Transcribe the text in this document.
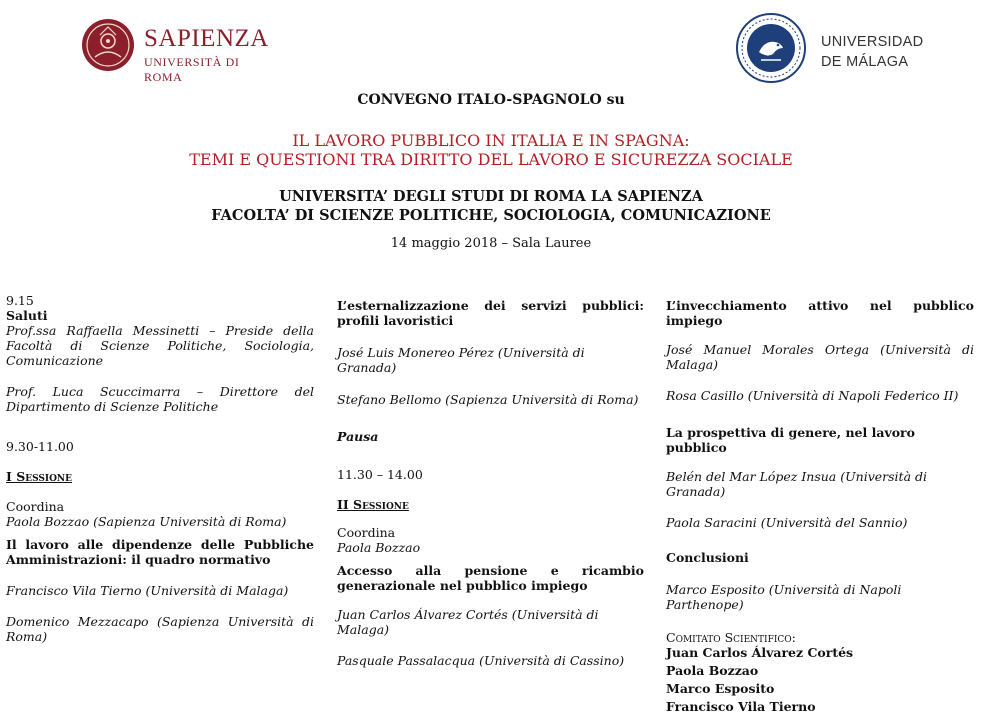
SAPIENZA
UNIVERSITÀ DI ROMA
UNIVERSIDAD
DE MÁLAGA
CONVEGNO ITALO-SPAGNOLO su
IL LAVORO PUBBLICO IN ITALIA E IN SPAGNA:
TEMI E QUESTIONI TRA DIRITTO DEL LAVORO E SICUREZZA SOCIALE
UNIVERSITA’ DEGLI STUDI DI ROMA LA SAPIENZA
FACOLTA’ DI SCIENZE POLITICHE, SOCIOLOGIA, COMUNICAZIONE
14 maggio 2018 – Sala Lauree

9.15

Saluti

Prof.ssa Raffaella Messinetti – Preside della Facoltà di Scienze Politiche, Sociologia, Comunicazione

Prof. Luca Scuccimarra – Direttore del Dipartimento di Scienze Politiche

9.30-11.00

I Sessione

Coordina

Paola Bozzao (Sapienza Università di Roma)

Il lavoro alle dipendenze delle Pubbliche Amministrazioni: il quadro normativo

Francisco Vila Tierno (Università di Malaga)

Domenico Mezzacapo (Sapienza Università di Roma)

L’esternalizzazione dei servizi pubblici: profili lavoristici

José Luis Monereo Pérez (Università di Granada)

Stefano Bellomo (Sapienza Università di Roma)

Pausa

11.30 – 14.00

II Sessione

Coordina

Paola Bozzao

Accesso alla pensione e ricambio generazionale nel pubblico impiego

Juan Carlos Álvarez Cortés (Università di Malaga)

Pasquale Passalacqua (Università di Cassino)

L’invecchiamento attivo nel pubblico impiego

José Manuel Morales Ortega (Università di Malaga)

Rosa Casillo (Università di Napoli Federico II)

La prospettiva di genere, nel lavoro pubblico

Belén del Mar López Insua (Università di Granada)

Paola Saracini (Università del Sannio)

Conclusioni

Marco Esposito (Università di Napoli Parthenope)

Comitato Scientifico:

Juan Carlos Álvarez Cortés

Paola Bozzao

Marco Esposito

Francisco Vila Tierno
